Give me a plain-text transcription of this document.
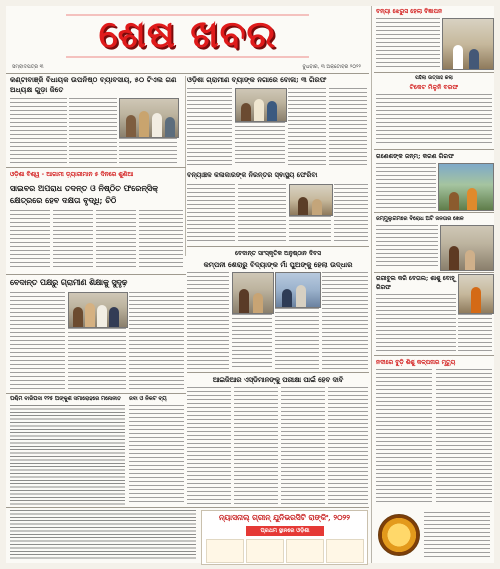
ଶେଷ ଖବର
ସମ୍ବାଦପତ୍ର ୩	ବୁଧବାର, ୩ ଅକ୍ଟୋବର ୨୦୨୨
କଣ୍ଟାବାଞ୍ଜି ବିଧାୟକ ଉପନିଷ୍ଠ ବ୍ୟାବସାୟ, ୫୦ ଟିଏଲ ଗଣ ଅଧ୍ୟକ୍ଷ ଗୁଡ଼ା ଜିତେ
ଓଡ଼ିଶା ଗ୍ରାମୀଣ ବ୍ୟାଙ୍କ ନଗାରେ ବୋଳା; ୩ ଗିରଫ
ଓଡ଼ିଶା ବିଶ୍ୱ - ଆଗାମୀ ଡ଼୍ୟାରୀମାନ ୫ ଦିନରେ ଶୁଣିଆ
ସାଇବର ଅପରାଧ ତଦନ୍ତ ଓ ନିଷ୍ଠିତ ଫରେନ୍ସିକ୍ କ୍ଷେତ୍ରରେ ହେବ ଦକ୍ଷତା ବୃଦ୍ଧି; ଚିଠି
ବନ୍ୟାଞ୍ଚଳ କଳାକାରଙ୍କ ନିରନ୍ତର ସ୍ଵାସ୍ଥ୍ୟ ଫେରିବା
ବେଦାନ୍ତ ପକ୍ଷରୁ ଗ୍ରାମୀଣ ଶିକ୍ଷାକୁ ସୁଦୃଢ଼
ବେଦାନ୍ତ ସାଂସ୍କୃତିକ ଅନୁଷ୍ଠାନ ଦିବସ
କମ୍ପନୀ ଶେରାରୁ ବିଦ୍ୟାଙ୍କ ମାଁ ପୁଅଙ୍କୁ ହେଲା ଉଦ୍ଧାର
ଆଇଜିଆର ଏସ୍‌ଡିମାନଙ୍କୁ ପରୀକ୍ଷା ପାଇଁ ହେବ ଦାବି
ପଶ୍ଚିମ ବାରିପଦା ୧୨୫ ଅଙ୍କୁଶ ସମାରୋହରେ ମନୋନୀତ	ଜବା ଓ ନିକଟ ବ୍ୟ
ନ୍ୟାସନାଲ୍ ଗ୍ରୀନ୍ ଯୁନିଭରସିଟି ରାଙ୍କିଂ, ୨୦୨୨
ପ୍ରଥମ ସ୍ଥାନରେ ଓଡ଼ିଶା
ବନ୍ୟା ଝେରୁସ ହେଲା ବିଜ୍ଞାପନ
ପହିଲା ଉତ୍ସାହ କଲା
ଟିକେଟ ମିଳୁନି ବରଫ
ଗଣେଶଙ୍କ ଜନ୍ମ; କରଣ ଗିରଫ
ଜମ୍ମୁଲୁଗମରେ ବିରୋଧ ଅଟି ଜନତାର ଖେଳ
ଗରୀବୁଲ କରି ବେତାଲ; ଶାଶୁ ବୋହୂ ଗିରଫ
ନଦୀରେ ବୁଡ଼ି ଶିଶୁ କଳ୍ପନାର ମୃତ୍ୟୁ
